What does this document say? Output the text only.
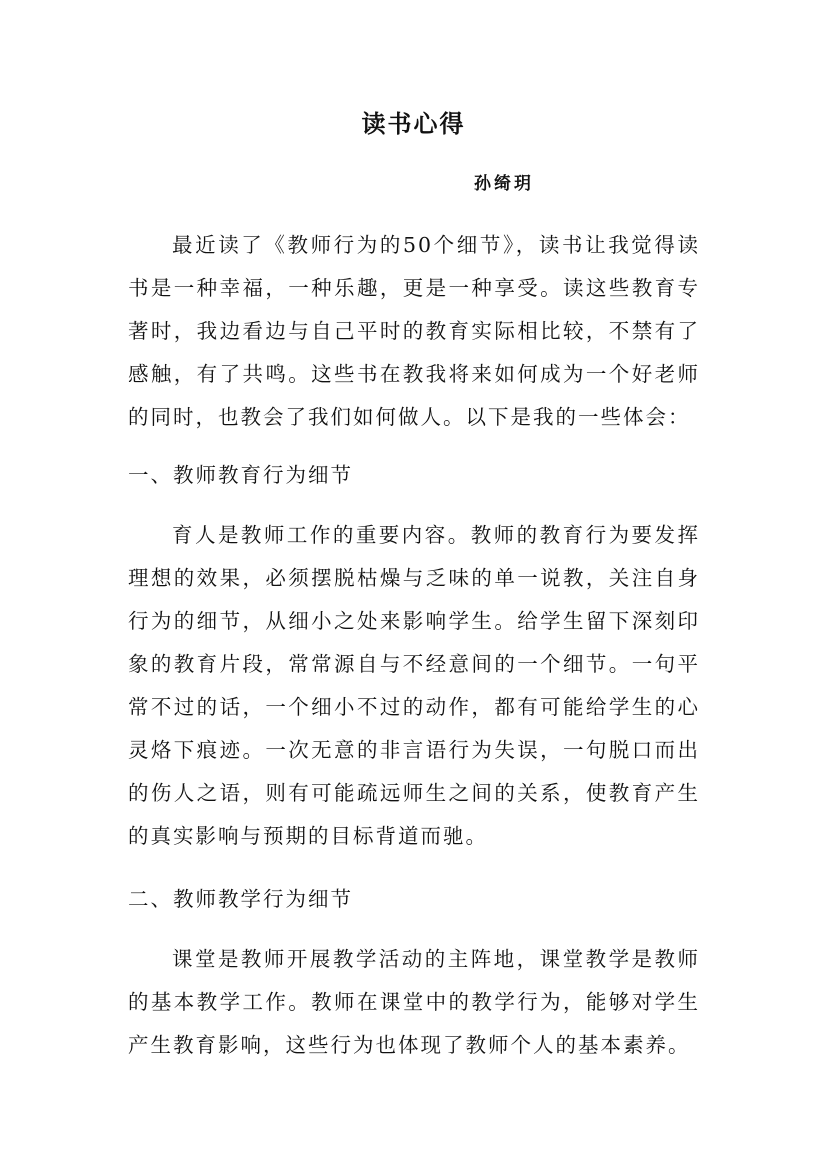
读书心得
孙绮玥

最近读了《教师行为的50个细节》，读书让我觉得读书是一种幸福，一种乐趣，更是一种享受。读这些教育专著时，我边看边与自己平时的教育实际相比较，不禁有了感触，有了共鸣。这些书在教我将来如何成为一个好老师的同时，也教会了我们如何做人。以下是我的一些体会：

一、教师教育行为细节

育人是教师工作的重要内容。教师的教育行为要发挥理想的效果，必须摆脱枯燥与乏味的单一说教，关注自身行为的细节，从细小之处来影响学生。给学生留下深刻印象的教育片段，常常源自与不经意间的一个细节。一句平常不过的话，一个细小不过的动作，都有可能给学生的心灵烙下痕迹。一次无意的非言语行为失误，一句脱口而出的伤人之语，则有可能疏远师生之间的关系，使教育产生的真实影响与预期的目标背道而驰。

二、教师教学行为细节

课堂是教师开展教学活动的主阵地，课堂教学是教师的基本教学工作。教师在课堂中的教学行为，能够对学生产生教育影响，这些行为也体现了教师个人的基本素养。
